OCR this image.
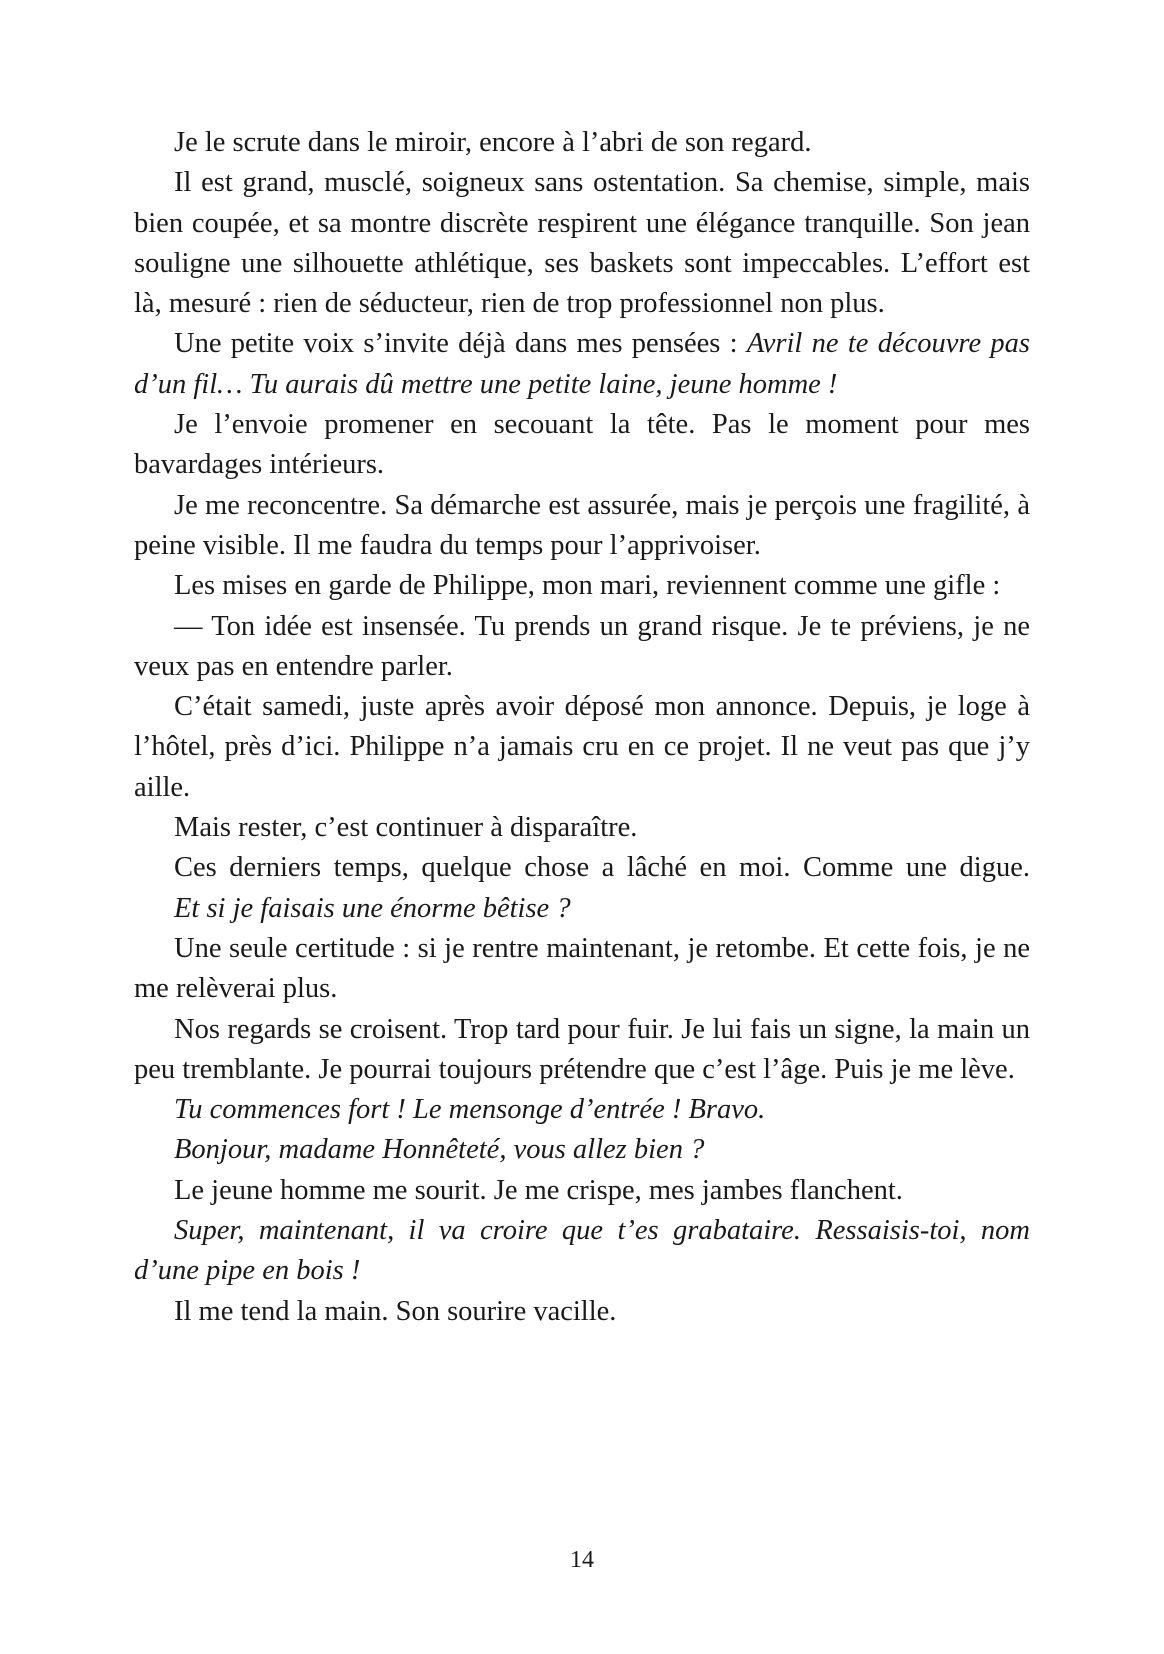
Je le scrute dans le miroir, encore à l’abri de son regard.

Il est grand, musclé, soigneux sans ostentation. Sa chemise, simple, mais bien coupée, et sa montre discrète respirent une élégance tranquille. Son jean souligne une silhouette athlétique, ses baskets sont impeccables. L’effort est là, mesuré : rien de séducteur, rien de trop professionnel non plus.

Une petite voix s’invite déjà dans mes pensées : Avril ne te découvre pas d’un fil… Tu aurais dû mettre une petite laine, jeune homme !

Je l’envoie promener en secouant la tête. Pas le moment pour mes bavardages intérieurs.

Je me reconcentre. Sa démarche est assurée, mais je perçois une fragilité, à peine visible. Il me faudra du temps pour l’apprivoiser.

Les mises en garde de Philippe, mon mari, reviennent comme une gifle :

— Ton idée est insensée. Tu prends un grand risque. Je te préviens, je ne veux pas en entendre parler.

C’était samedi, juste après avoir déposé mon annonce. Depuis, je loge à l’hôtel, près d’ici. Philippe n’a jamais cru en ce projet. Il ne veut pas que j’y aille.

Mais rester, c’est continuer à disparaître.

Ces derniers temps, quelque chose a lâché en moi. Comme une digue.

Et si je faisais une énorme bêtise ?

Une seule certitude : si je rentre maintenant, je retombe. Et cette fois, je ne me relèverai plus.

Nos regards se croisent. Trop tard pour fuir. Je lui fais un signe, la main un peu tremblante. Je pourrai toujours prétendre que c’est l’âge. Puis je me lève.

Tu commences fort ! Le mensonge d’entrée ! Bravo.

Bonjour, madame Honnêteté, vous allez bien ?

Le jeune homme me sourit. Je me crispe, mes jambes flanchent.

Super, maintenant, il va croire que t’es grabataire. Ressaisis-toi, nom d’une pipe en bois !

Il me tend la main. Son sourire vacille.

14
